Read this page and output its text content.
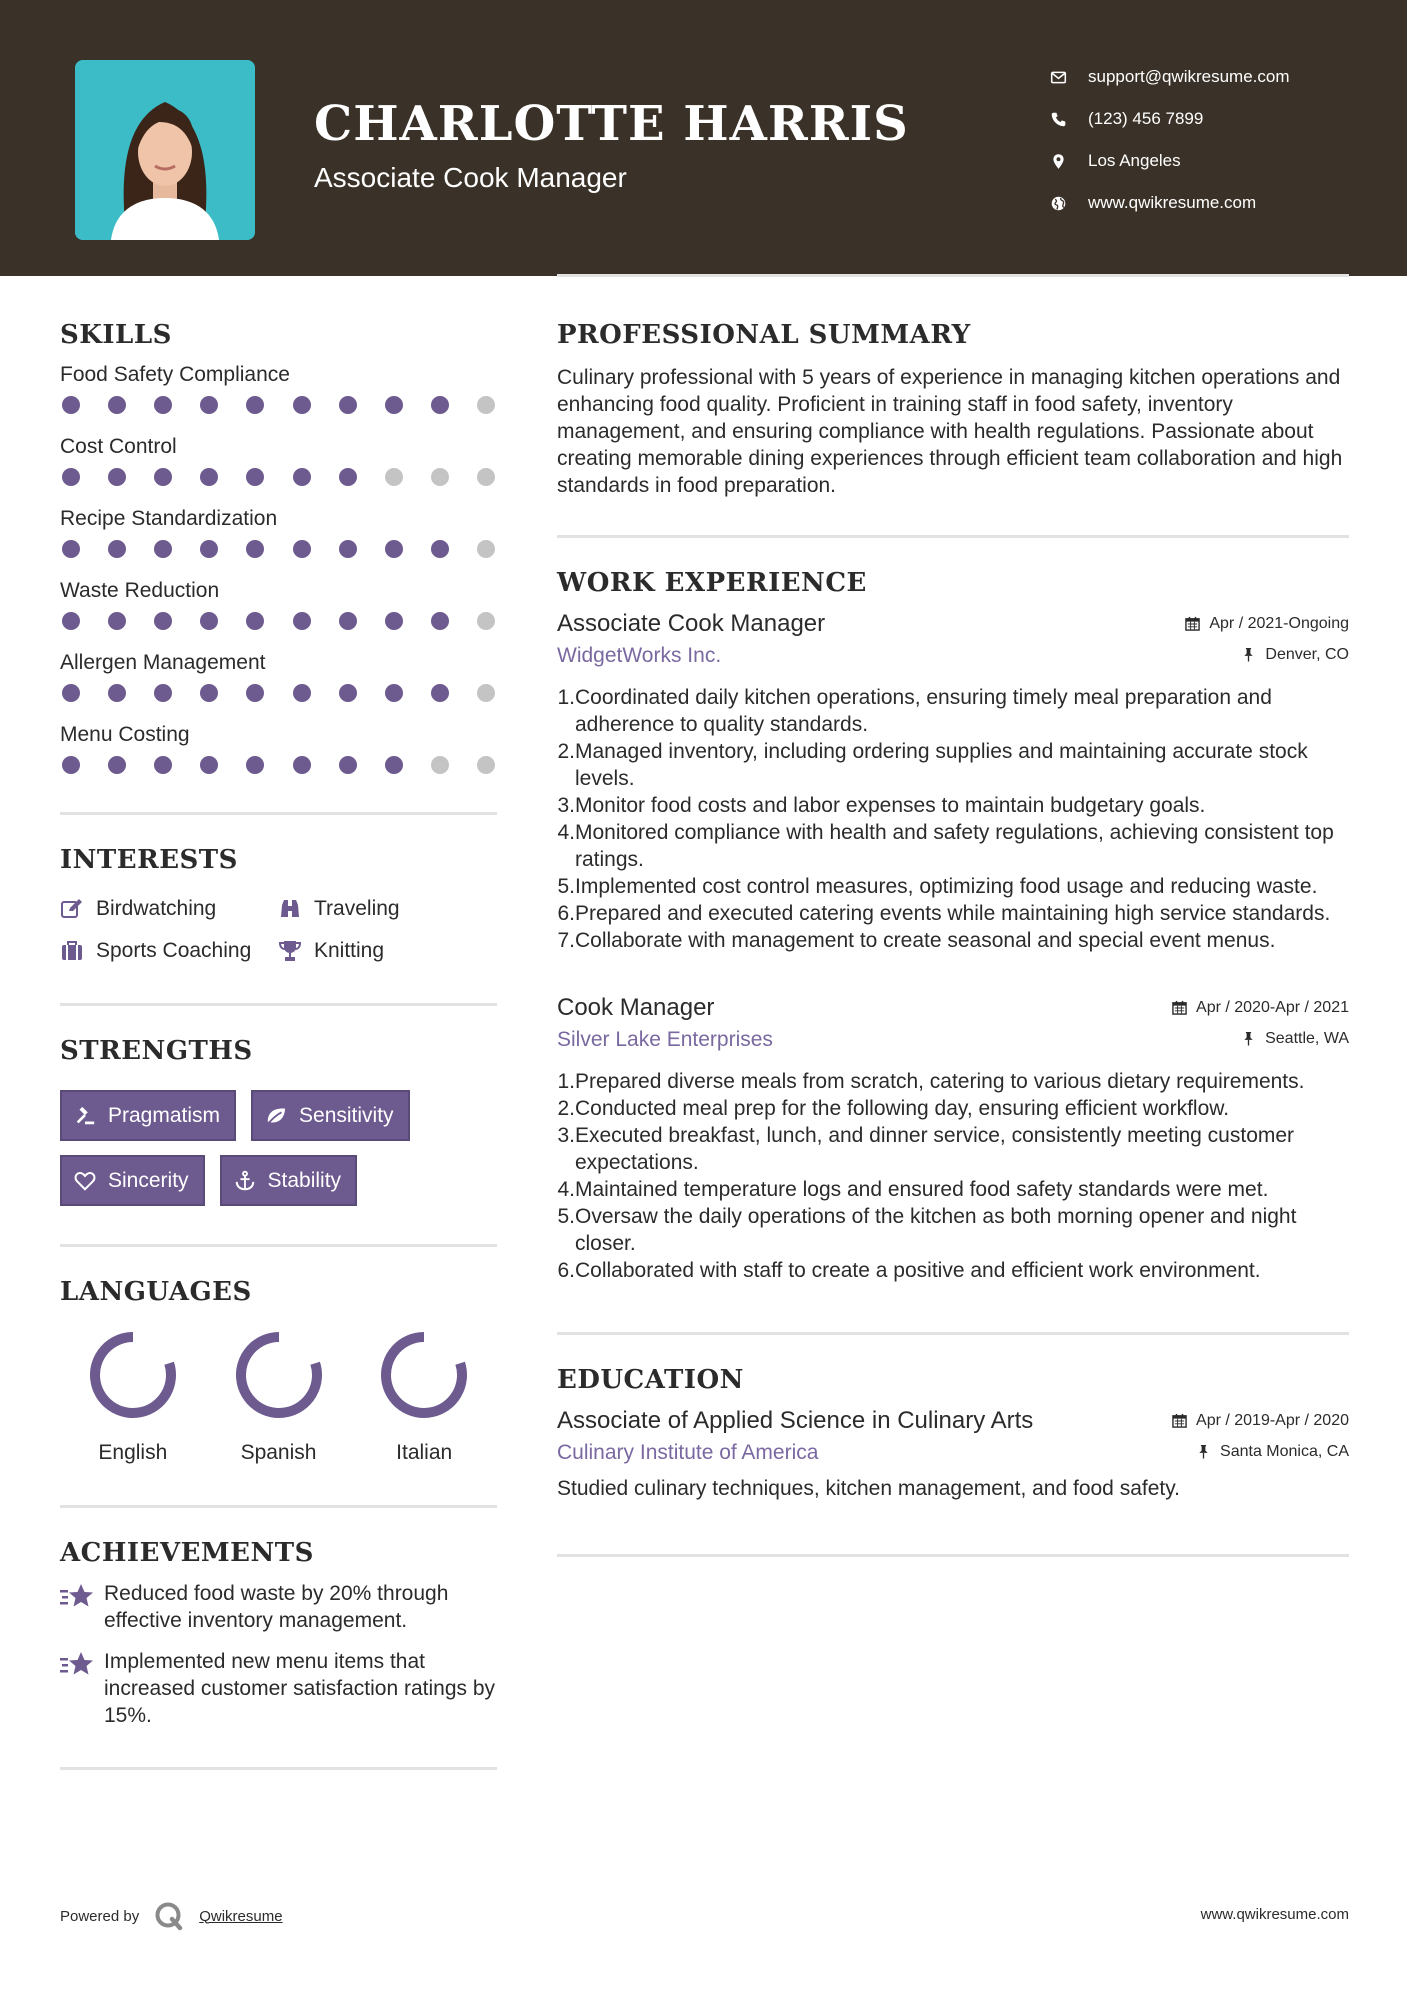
CHARLOTTE HARRIS
Associate Cook Manager
support@qwikresume.com
(123) 456 7899
Los Angeles
www.qwikresume.com
SKILLS
Food Safety Compliance
Cost Control
Recipe Standardization
Waste Reduction
Allergen Management
Menu Costing
INTERESTS
Birdwatching	Traveling
Sports Coaching	Knitting
STRENGTHS
Pragmatism	Sensitivity
Sincerity	Stability
LANGUAGES
English	Spanish	Italian
ACHIEVEMENTS
Reduced food waste by 20% through effective inventory management.
Implemented new menu items that increased customer satisfaction ratings by 15%.
PROFESSIONAL SUMMARY
Culinary professional with 5 years of experience in managing kitchen operations and enhancing food quality. Proficient in training staff in food safety, inventory management, and ensuring compliance with health regulations. Passionate about creating memorable dining experiences through efficient team collaboration and high standards in food preparation.
WORK EXPERIENCE
Associate Cook Manager	Apr / 2021-Ongoing
WidgetWorks Inc.	Denver, CO
1. Coordinated daily kitchen operations, ensuring timely meal preparation and adherence to quality standards.
2. Managed inventory, including ordering supplies and maintaining accurate stock levels.
3. Monitor food costs and labor expenses to maintain budgetary goals.
4. Monitored compliance with health and safety regulations, achieving consistent top ratings.
5. Implemented cost control measures, optimizing food usage and reducing waste.
6. Prepared and executed catering events while maintaining high service standards.
7. Collaborate with management to create seasonal and special event menus.
Cook Manager	Apr / 2020-Apr / 2021
Silver Lake Enterprises	Seattle, WA
1. Prepared diverse meals from scratch, catering to various dietary requirements.
2. Conducted meal prep for the following day, ensuring efficient workflow.
3. Executed breakfast, lunch, and dinner service, consistently meeting customer expectations.
4. Maintained temperature logs and ensured food safety standards were met.
5. Oversaw the daily operations of the kitchen as both morning opener and night closer.
6. Collaborated with staff to create a positive and efficient work environment.
EDUCATION
Associate of Applied Science in Culinary Arts	Apr / 2019-Apr / 2020
Culinary Institute of America	Santa Monica, CA
Studied culinary techniques, kitchen management, and food safety.
Powered by	Qwikresume	www.qwikresume.com
